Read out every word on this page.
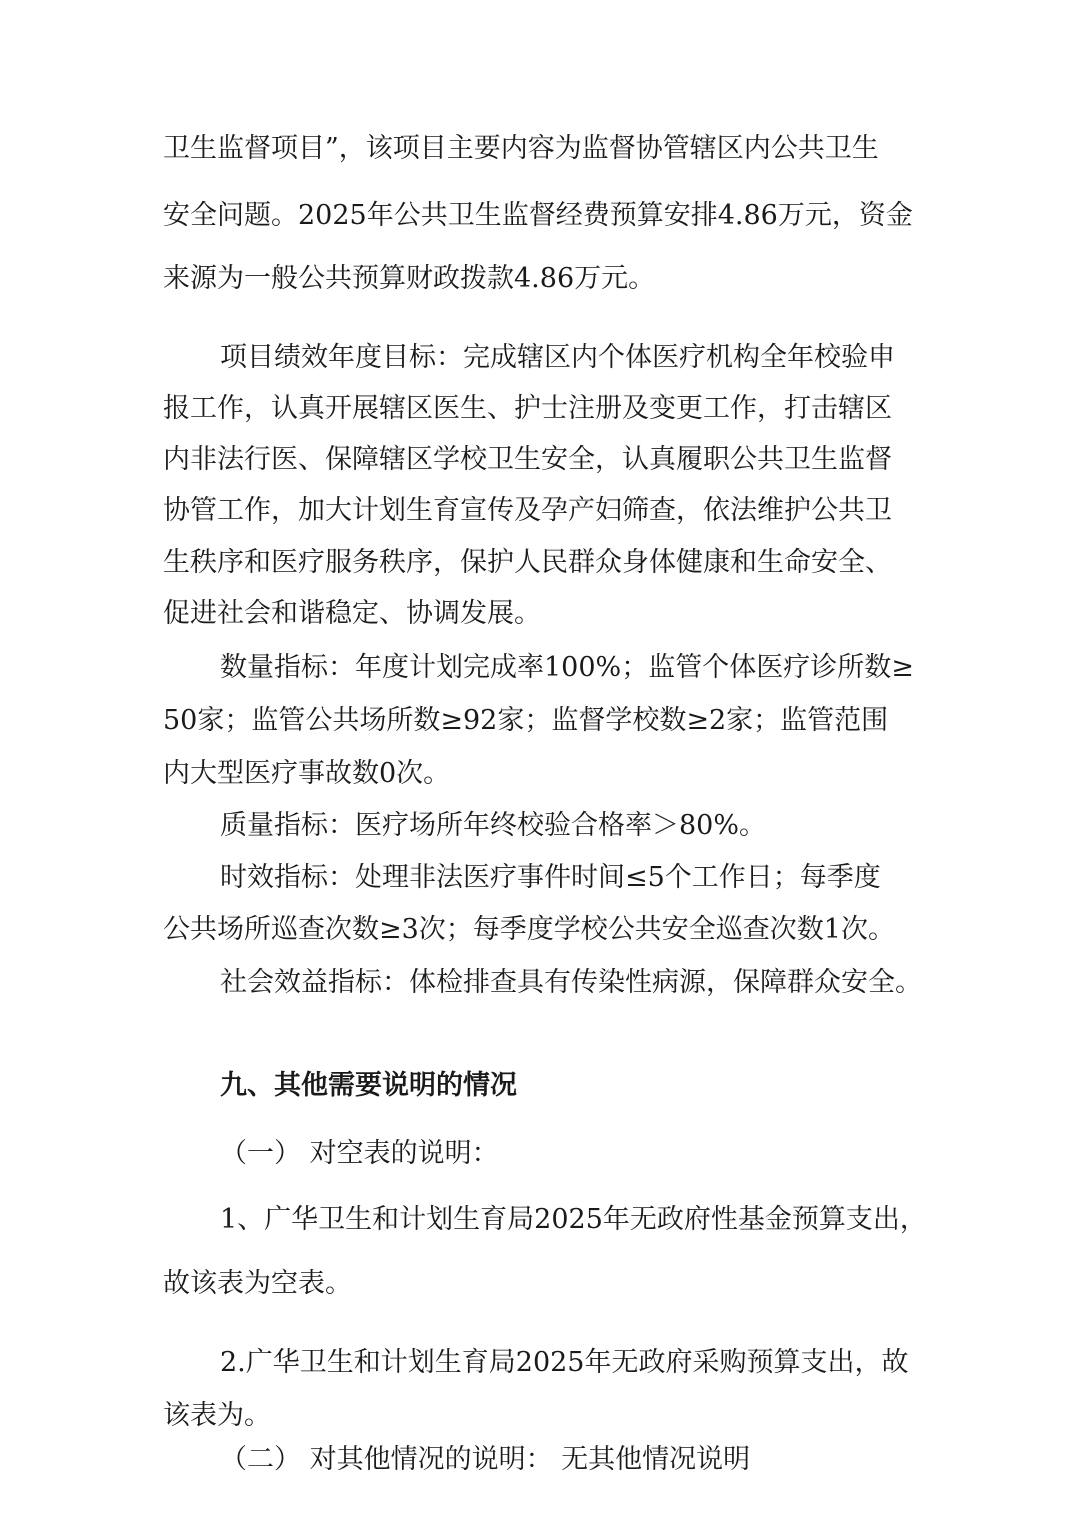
卫生监督项目”，该项目主要内容为监督协管辖区内公共卫生

安全问题。2025年公共卫生监督经费预算安排4.86万元，资金

来源为一般公共预算财政拨款4.86万元。

项目绩效年度目标：完成辖区内个体医疗机构全年校验申

报工作，认真开展辖区医生、护士注册及变更工作，打击辖区

内非法行医、保障辖区学校卫生安全，认真履职公共卫生监督

协管工作，加大计划生育宣传及孕产妇筛查，依法维护公共卫

生秩序和医疗服务秩序，保护人民群众身体健康和生命安全、

促进社会和谐稳定、协调发展。

数量指标：年度计划完成率100%；监管个体医疗诊所数≥

50家；监管公共场所数≥92家；监督学校数≥2家；监管范围

内大型医疗事故数0次。

质量指标：医疗场所年终校验合格率＞80%。

时效指标：处理非法医疗事件时间≤5个工作日；每季度

公共场所巡查次数≥3次；每季度学校公共安全巡查次数1次。

社会效益指标：体检排查具有传染性病源，保障群众安全。

九、其他需要说明的情况

（一） 对空表的说明：

1、广华卫生和计划生育局2025年无政府性基金预算支出，

故该表为空表。

2.广华卫生和计划生育局2025年无政府采购预算支出，故

该表为。

（二） 对其他情况的说明： 无其他情况说明
